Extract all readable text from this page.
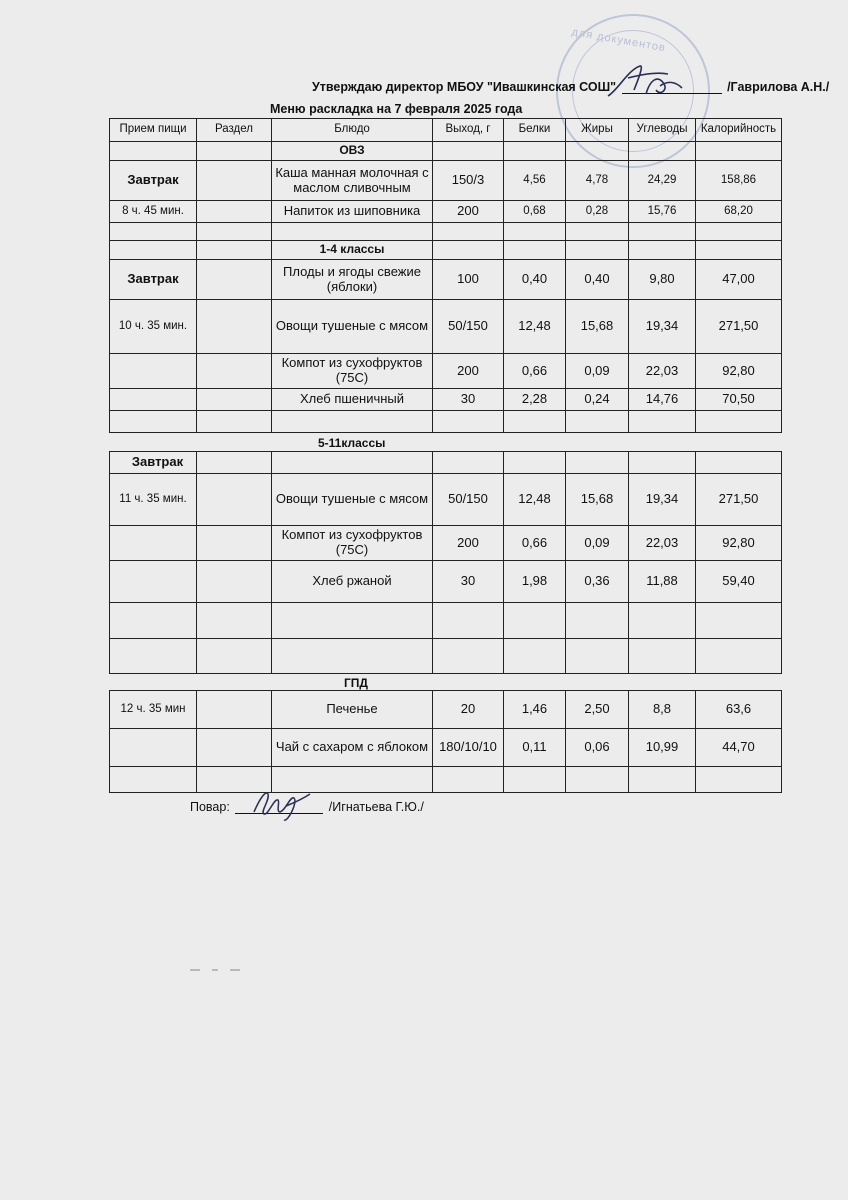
для документов
Утверждаю директор МБОУ "Ивашкинская СОШ"	/Гаврилова А.Н./
Меню раскладка на 7 февраля 2025 года
Прием пищи	Раздел	Блюдо	Выход, г	Белки	Жиры	Углеводы	Калорийность
		ОВЗ					
Завтрак		Каша манная молочная с маслом сливочным	150/3	4,56	4,78	24,29	158,86
8 ч. 45 мин.		Напиток из шиповника	200	0,68	0,28	15,76	68,20

		1-4 классы					
Завтрак		Плоды и ягоды свежие (яблоки)	100	0,40	0,40	9,80	47,00
10 ч. 35 мин.		Овощи тушеные с мясом	50/150	12,48	15,68	19,34	271,50
		Компот из сухофруктов (75С)	200	0,66	0,09	22,03	92,80
		Хлеб пшеничный	30	2,28	0,24	14,76	70,50

5-11классы
Завтрак							
11 ч. 35 мин.		Овощи тушеные с мясом	50/150	12,48	15,68	19,34	271,50
		Компот из сухофруктов (75С)	200	0,66	0,09	22,03	92,80
		Хлеб ржаной	30	1,98	0,36	11,88	59,40

ГПД
12 ч. 35 мин		Печенье	20	1,46	2,50	8,8	63,6
		Чай с сахаром с яблоком	180/10/10	0,11	0,06	10,99	44,70

Повар:	/Игнатьева Г.Ю./
